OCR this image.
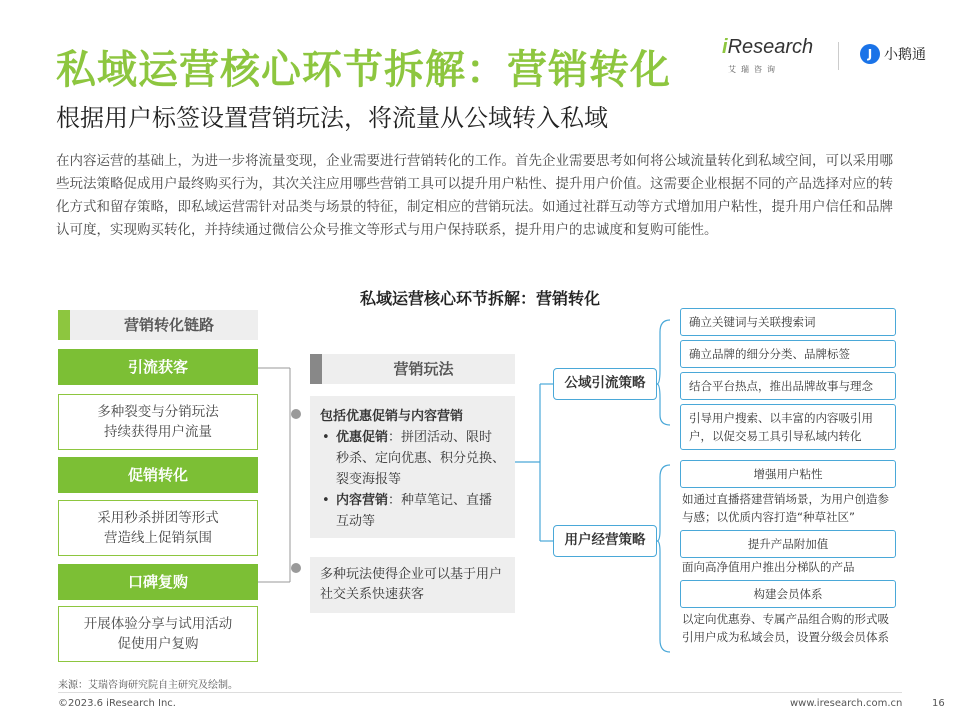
私域运营核心环节拆解：营销转化
根据用户标签设置营销玩法，将流量从公域转入私域
iResearch
艾瑞咨询
J 小鹅通
在内容运营的基础上，为进一步将流量变现，企业需要进行营销转化的工作。首先企业需要思考如何将公域流量转化到私域空间，可以采用哪些玩法策略促成用户最终购买行为，其次关注应用哪些营销工具可以提升用户粘性、提升用户价值。这需要企业根据不同的产品选择对应的转化方式和留存策略，即私域运营需针对品类与场景的特征，制定相应的营销玩法。如通过社群互动等方式增加用户粘性，提升用户信任和品牌认可度，实现购买转化，并持续通过微信公众号推文等形式与用户保持联系，提升用户的忠诚度和复购可能性。
私域运营核心环节拆解：营销转化
营销转化链路
引流获客
多种裂变与分销玩法
持续获得用户流量
促销转化
采用秒杀拼团等形式
营造线上促销氛围
口碑复购
开展体验分享与试用活动
促使用户复购
营销玩法
包括优惠促销与内容营销
• 优惠促销：拼团活动、限时秒杀、定向优惠、积分兑换、裂变海报等
• 内容营销：种草笔记、直播互动等
多种玩法使得企业可以基于用户社交关系快速获客
公域引流策略
用户经营策略
确立关键词与关联搜索词
确立品牌的细分分类、品牌标签
结合平台热点，推出品牌故事与理念
引导用户搜索、以丰富的内容吸引用户，以促交易工具引导私域内转化
增强用户粘性
如通过直播搭建营销场景，为用户创造参与感；以优质内容打造“种草社区”
提升产品附加值
面向高净值用户推出分梯队的产品
构建会员体系
以定向优惠券、专属产品组合购的形式吸引用户成为私域会员，设置分级会员体系
来源：艾瑞咨询研究院自主研究及绘制。
©2023.6 iResearch Inc.	www.iresearch.com.cn	16
